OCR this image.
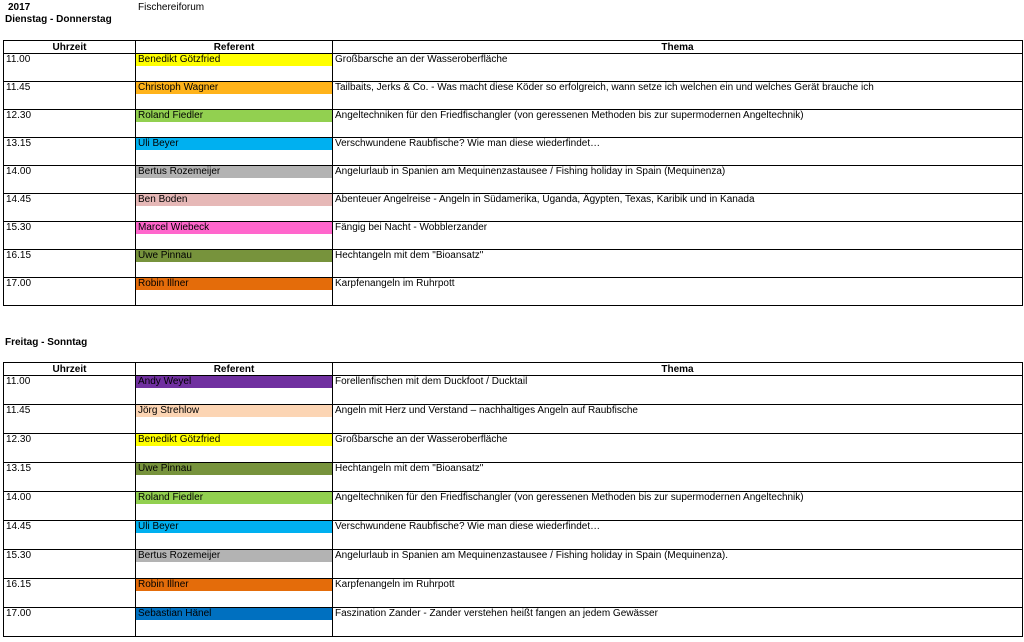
2017	Fischereiforum
Dienstag - Donnerstag
Uhrzeit	Referent	Thema
11.00	Benedikt Götzfried	Großbarsche an der Wasseroberfläche
11.45	Christoph Wagner	Tailbaits, Jerks & Co. - Was macht diese Köder so erfolgreich, wann setze ich welchen ein und welches Gerät brauche ich
12.30	Roland Fiedler	Angeltechniken für den Friedfischangler (von geressenen Methoden bis zur supermodernen Angeltechnik)
13.15	Uli Beyer	Verschwundene Raubfische? Wie man diese wiederfindet…
14.00	Bertus Rozemeijer	Angelurlaub in Spanien am Mequinenzastausee / Fishing holiday in Spain (Mequinenza)
14.45	Ben Boden	Abenteuer Angelreise - Angeln in Südamerika, Uganda, Ägypten, Texas, Karibik und in Kanada
15.30	Marcel Wiebeck	Fängig bei Nacht - Wobblerzander
16.15	Uwe Pinnau	Hechtangeln mit dem "Bioansatz"
17.00	Robin Illner	Karpfenangeln im Ruhrpott
Freitag - Sonntag
Uhrzeit	Referent	Thema
11.00	Andy Weyel	Forellenfischen mit dem Duckfoot / Ducktail
11.45	Jörg Strehlow	Angeln mit Herz und Verstand – nachhaltiges Angeln auf Raubfische
12.30	Benedikt Götzfried	Großbarsche an der Wasseroberfläche
13.15	Uwe Pinnau	Hechtangeln mit dem "Bioansatz"
14.00	Roland Fiedler	Angeltechniken für den Friedfischangler (von geressenen Methoden bis zur supermodernen Angeltechnik)
14.45	Uli Beyer	Verschwundene Raubfische? Wie man diese wiederfindet…
15.30	Bertus Rozemeijer	Angelurlaub in Spanien am Mequinenzastausee / Fishing holiday in Spain (Mequinenza).
16.15	Robin Illner	Karpfenangeln im Ruhrpott
17.00	Sebastian Hänel	Faszination Zander - Zander verstehen heißt fangen an jedem Gewässer
